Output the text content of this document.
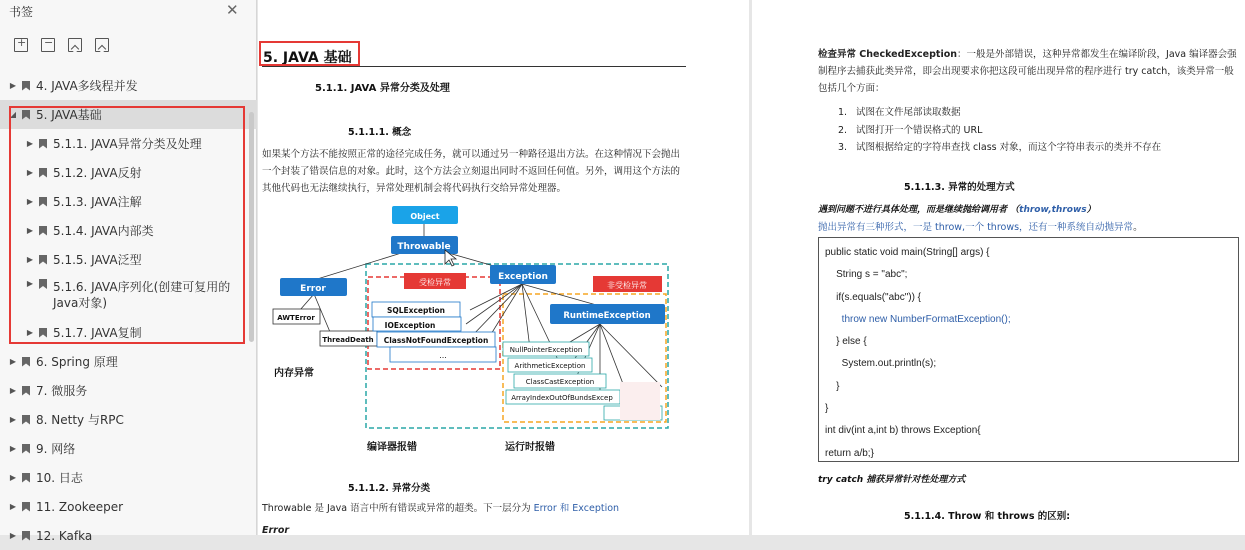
书签	✕
+
−
▶ 4. JAVA多线程并发
◢ 5. JAVA基础
▶ 5.1.1. JAVA异常分类及处理
▶ 5.1.2. JAVA反射
▶ 5.1.3. JAVA注解
▶ 5.1.4. JAVA内部类
▶ 5.1.5. JAVA泛型
▶ 5.1.6. JAVA序列化(创建可复用的Java对象)
▶ 5.1.7. JAVA复制
▶ 6. Spring 原理
▶ 7. 微服务
▶ 8. Netty 与RPC
▶ 9. 网络
▶ 10. 日志
▶ 11. Zookeeper
▶ 12. Kafka
5. JAVA 基础
5.1.1. JAVA 异常分类及处理
5.1.1.1. 概念
如果某个方法不能按照正常的途径完成任务，就可以通过另一种路径退出方法。在这种情况下会抛出一个封装了错误信息的对象。此时，这个方法会立刻退出同时不返回任何值。另外，调用这个方法的其他代码也无法继续执行，异常处理机制会将代码执行交给异常处理器。
Object
Throwable
Error
AWTError
ThreadDeath
Exception
受检异常	非受检异常
SQLException
IOException
ClassNotFoundException
...
RuntimeException
NullPointerException
ArithmeticException
ClassCastException
ArrayIndexOutOfBundsExcep
内存异常
编译器报错	运行时报错
5.1.1.2. 异常分类
Throwable 是 Java 语言中所有错误或异常的超类。下一层分为 Error 和 Exception
Error
检查异常 CheckedException：一般是外部错误，这种异常都发生在编译阶段，Java 编译器会强制程序去捕获此类异常，即会出现要求你把这段可能出现异常的程序进行 try catch，该类异常一般包括几个方面：
1. 试图在文件尾部读取数据
2. 试图打开一个错误格式的 URL
3. 试图根据给定的字符串查找 class 对象，而这个字符串表示的类并不存在
5.1.1.3. 异常的处理方式
遇到问题不进行具体处理，而是继续抛给调用者 （throw,throws）
抛出异常有三种形式，一是 throw,一个 throws，还有一种系统自动抛异常。
public static void main(String[] args) {
String s = "abc";
if(s.equals("abc")) {
throw new NumberFormatException();
} else {
System.out.println(s);
}
}
int div(int a,int b) throws Exception{
return a/b;}
try catch 捕获异常针对性处理方式
5.1.1.4. Throw 和 throws 的区别:
